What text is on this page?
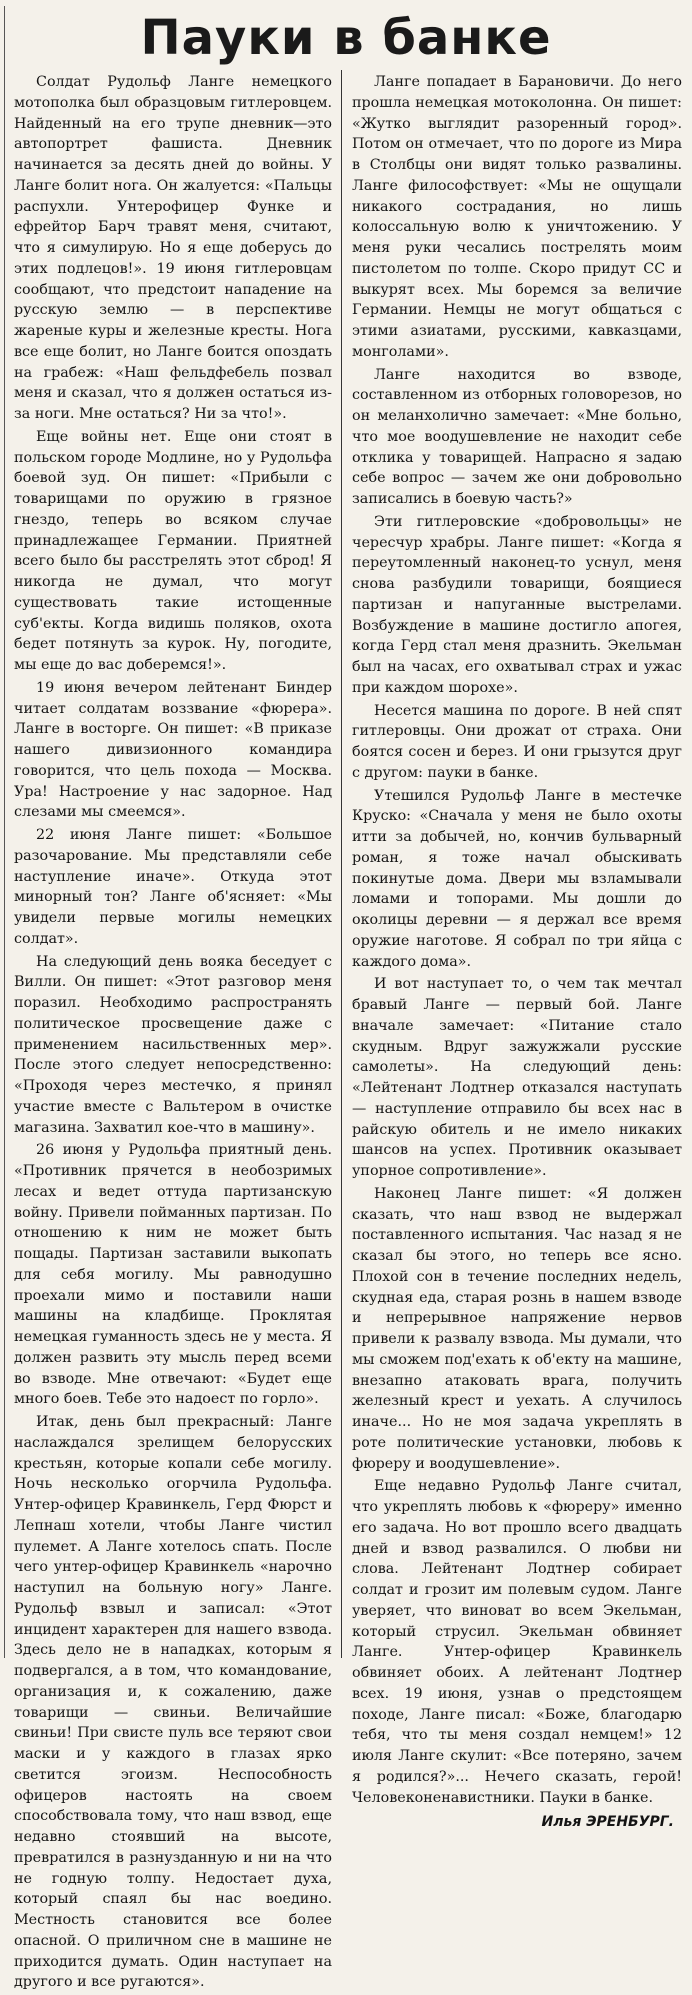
Пауки в банке

Солдат Рудольф Ланге немецкого мотополка был образцовым гитлеровцем. Найденный на его трупе дневник—это автопортрет фашиста. Дневник начинается за десять дней до войны. У Ланге болит нога. Он жалуется: «Пальцы распухли. Унтерофицер Функе и ефрейтор Барч травят меня, считают, что я симулирую. Но я еще доберусь до этих подлецов!». 19 июня гитлеровцам сообщают, что предстоит нападение на русскую землю — в перспективе жареные куры и железные кресты. Нога все еще болит, но Ланге боится опоздать на грабеж: «Наш фельдфебель позвал меня и сказал, что я должен остаться из-за ноги. Мне остаться? Ни за что!».

Еще войны нет. Еще они стоят в польском городе Модлине, но у Рудольфа боевой зуд. Он пишет: «Прибыли с товарищами по оружию в грязное гнездо, теперь во всяком случае принадлежащее Германии. Приятней всего было бы расстрелять этот сброд! Я никогда не думал, что могут существовать такие истощенные суб'екты. Когда видишь поляков, охота бедет потянуть за курок. Ну, погодите, мы еще до вас доберемся!».

19 июня вечером лейтенант Биндер читает солдатам воззвание «фюрера». Ланге в восторге. Он пишет: «В приказе нашего дивизионного командира говорится, что цель похода — Москва. Ура! Настроение у нас задорное. Над слезами мы смеемся».

22 июня Ланге пишет: «Большое разочарование. Мы представляли себе наступление иначе». Откуда этот минорный тон? Ланге об'ясняет: «Мы увидели первые могилы немецких солдат».

На следующий день вояка беседует с Вилли. Он пишет: «Этот разговор меня поразил. Необходимо распространять политическое просвещение даже с применением насильственных мер». После этого следует непосредственно: «Проходя через местечко, я принял участие вместе с Вальтером в очистке магазина. Захватил кое-что в машину».

26 июня у Рудольфа приятный день. «Противник прячется в необозримых лесах и ведет оттуда партизанскую войну. Привели пойманных партизан. По отношению к ним не может быть пощады. Партизан заставили выкопать для себя могилу. Мы равнодушно проехали мимо и поставили наши машины на кладбище. Проклятая немецкая гуманность здесь не у места. Я должен развить эту мысль перед всеми во взводе. Мне отвечают: «Будет еще много боев. Тебе это надоест по горло».

Итак, день был прекрасный: Ланге наслаждался зрелищем белорусских крестьян, которые копали себе могилу. Ночь несколько огорчила Рудольфа. Унтер-офицер Кравинкель, Герд Фюрст и Лепнаш хотели, чтобы Ланге чистил пулемет. А Ланге хотелось спать. После чего унтер-офицер Кравинкель «нарочно наступил на больную ногу» Ланге. Рудольф взвыл и записал: «Этот инцидент характерен для нашего взвода. Здесь дело не в нападках, которым я подвергался, а в том, что командование, организация и, к сожалению, даже товарищи — свиньи. Величайшие свиньи! При свисте пуль все теряют свои маски и у каждого в глазах ярко светится эгоизм. Неспособность офицеров настоять на своем способствовала тому, что наш взвод, еще недавно стоявший на высоте, превратился в разнузданную и ни на что не годную толпу. Недостает духа, который спаял бы нас воедино. Местность становится все более опасной. О приличном сне в машине не приходится думать. Один наступает на другого и все ругаются».

Ланге попадает в Барановичи. До него прошла немецкая мотоколонна. Он пишет: «Жутко выглядит разоренный город». Потом он отмечает, что по дороге из Мира в Столбцы они видят только развалины. Ланге философствует: «Мы не ощущали никакого сострадания, но лишь колоссальную волю к уничтожению. У меня руки чесались пострелять моим пистолетом по толпе. Скоро придут СС и выкурят всех. Мы боремся за величие Германии. Немцы не могут общаться с этими азиатами, русскими, кавказцами, монголами».

Ланге находится во взводе, составленном из отборных головорезов, но он меланхолично замечает: «Мне больно, что мое воодушевление не находит себе отклика у товарищей. Напрасно я задаю себе вопрос — зачем же они добровольно записались в боевую часть?»

Эти гитлеровские «добровольцы» не чересчур храбры. Ланге пишет: «Когда я переутомленный наконец-то уснул, меня снова разбудили товарищи, боящиеся партизан и напуганные выстрелами. Возбуждение в машине достигло апогея, когда Герд стал меня дразнить. Экельман был на часах, его охватывал страх и ужас при каждом шорохе».

Несется машина по дороге. В ней спят гитлеровцы. Они дрожат от страха. Они боятся сосен и берез. И они грызутся друг с другом: пауки в банке.

Утешился Рудольф Ланге в местечке Круско: «Сначала у меня не было охоты итти за добычей, но, кончив бульварный роман, я тоже начал обыскивать покинутые дома. Двери мы взламывали ломами и топорами. Мы дошли до околицы деревни — я держал все время оружие наготове. Я собрал по три яйца с каждого дома».

И вот наступает то, о чем так мечтал бравый Ланге — первый бой. Ланге вначале замечает: «Питание стало скудным. Вдруг зажужжали русские самолеты». На следующий день: «Лейтенант Лодтнер отказался наступать — наступление отправило бы всех нас в райскую обитель и не имело никаких шансов на успех. Противник оказывает упорное сопротивление».

Наконец Ланге пишет: «Я должен сказать, что наш взвод не выдержал поставленного испытания. Час назад я не сказал бы этого, но теперь все ясно. Плохой сон в течение последних недель, скудная еда, старая рознь в нашем взводе и непрерывное напряжение нервов привели к развалу взвода. Мы думали, что мы сможем под'ехать к об'екту на машине, внезапно атаковать врага, получить железный крест и уехать. А случилось иначе... Но не моя задача укреплять в роте политические установки, любовь к фюреру и воодушевление».

Еще недавно Рудольф Ланге считал, что укреплять любовь к «фюреру» именно его задача. Но вот прошло всего двадцать дней и взвод развалился. О любви ни слова. Лейтенант Лодтнер собирает солдат и грозит им полевым судом. Ланге уверяет, что виноват во всем Экельман, который струсил. Экельман обвиняет Ланге. Унтер-офицер Кравинкель обвиняет обоих. А лейтенант Лодтнер всех. 19 июня, узнав о предстоящем походе, Ланге писал: «Боже, благодарю тебя, что ты меня создал немцем!» 12 июля Ланге скулит: «Все потеряно, зачем я родился?»... Нечего сказать, герой! Человеконенавистники. Пауки в банке.

Илья ЭРЕНБУРГ.
